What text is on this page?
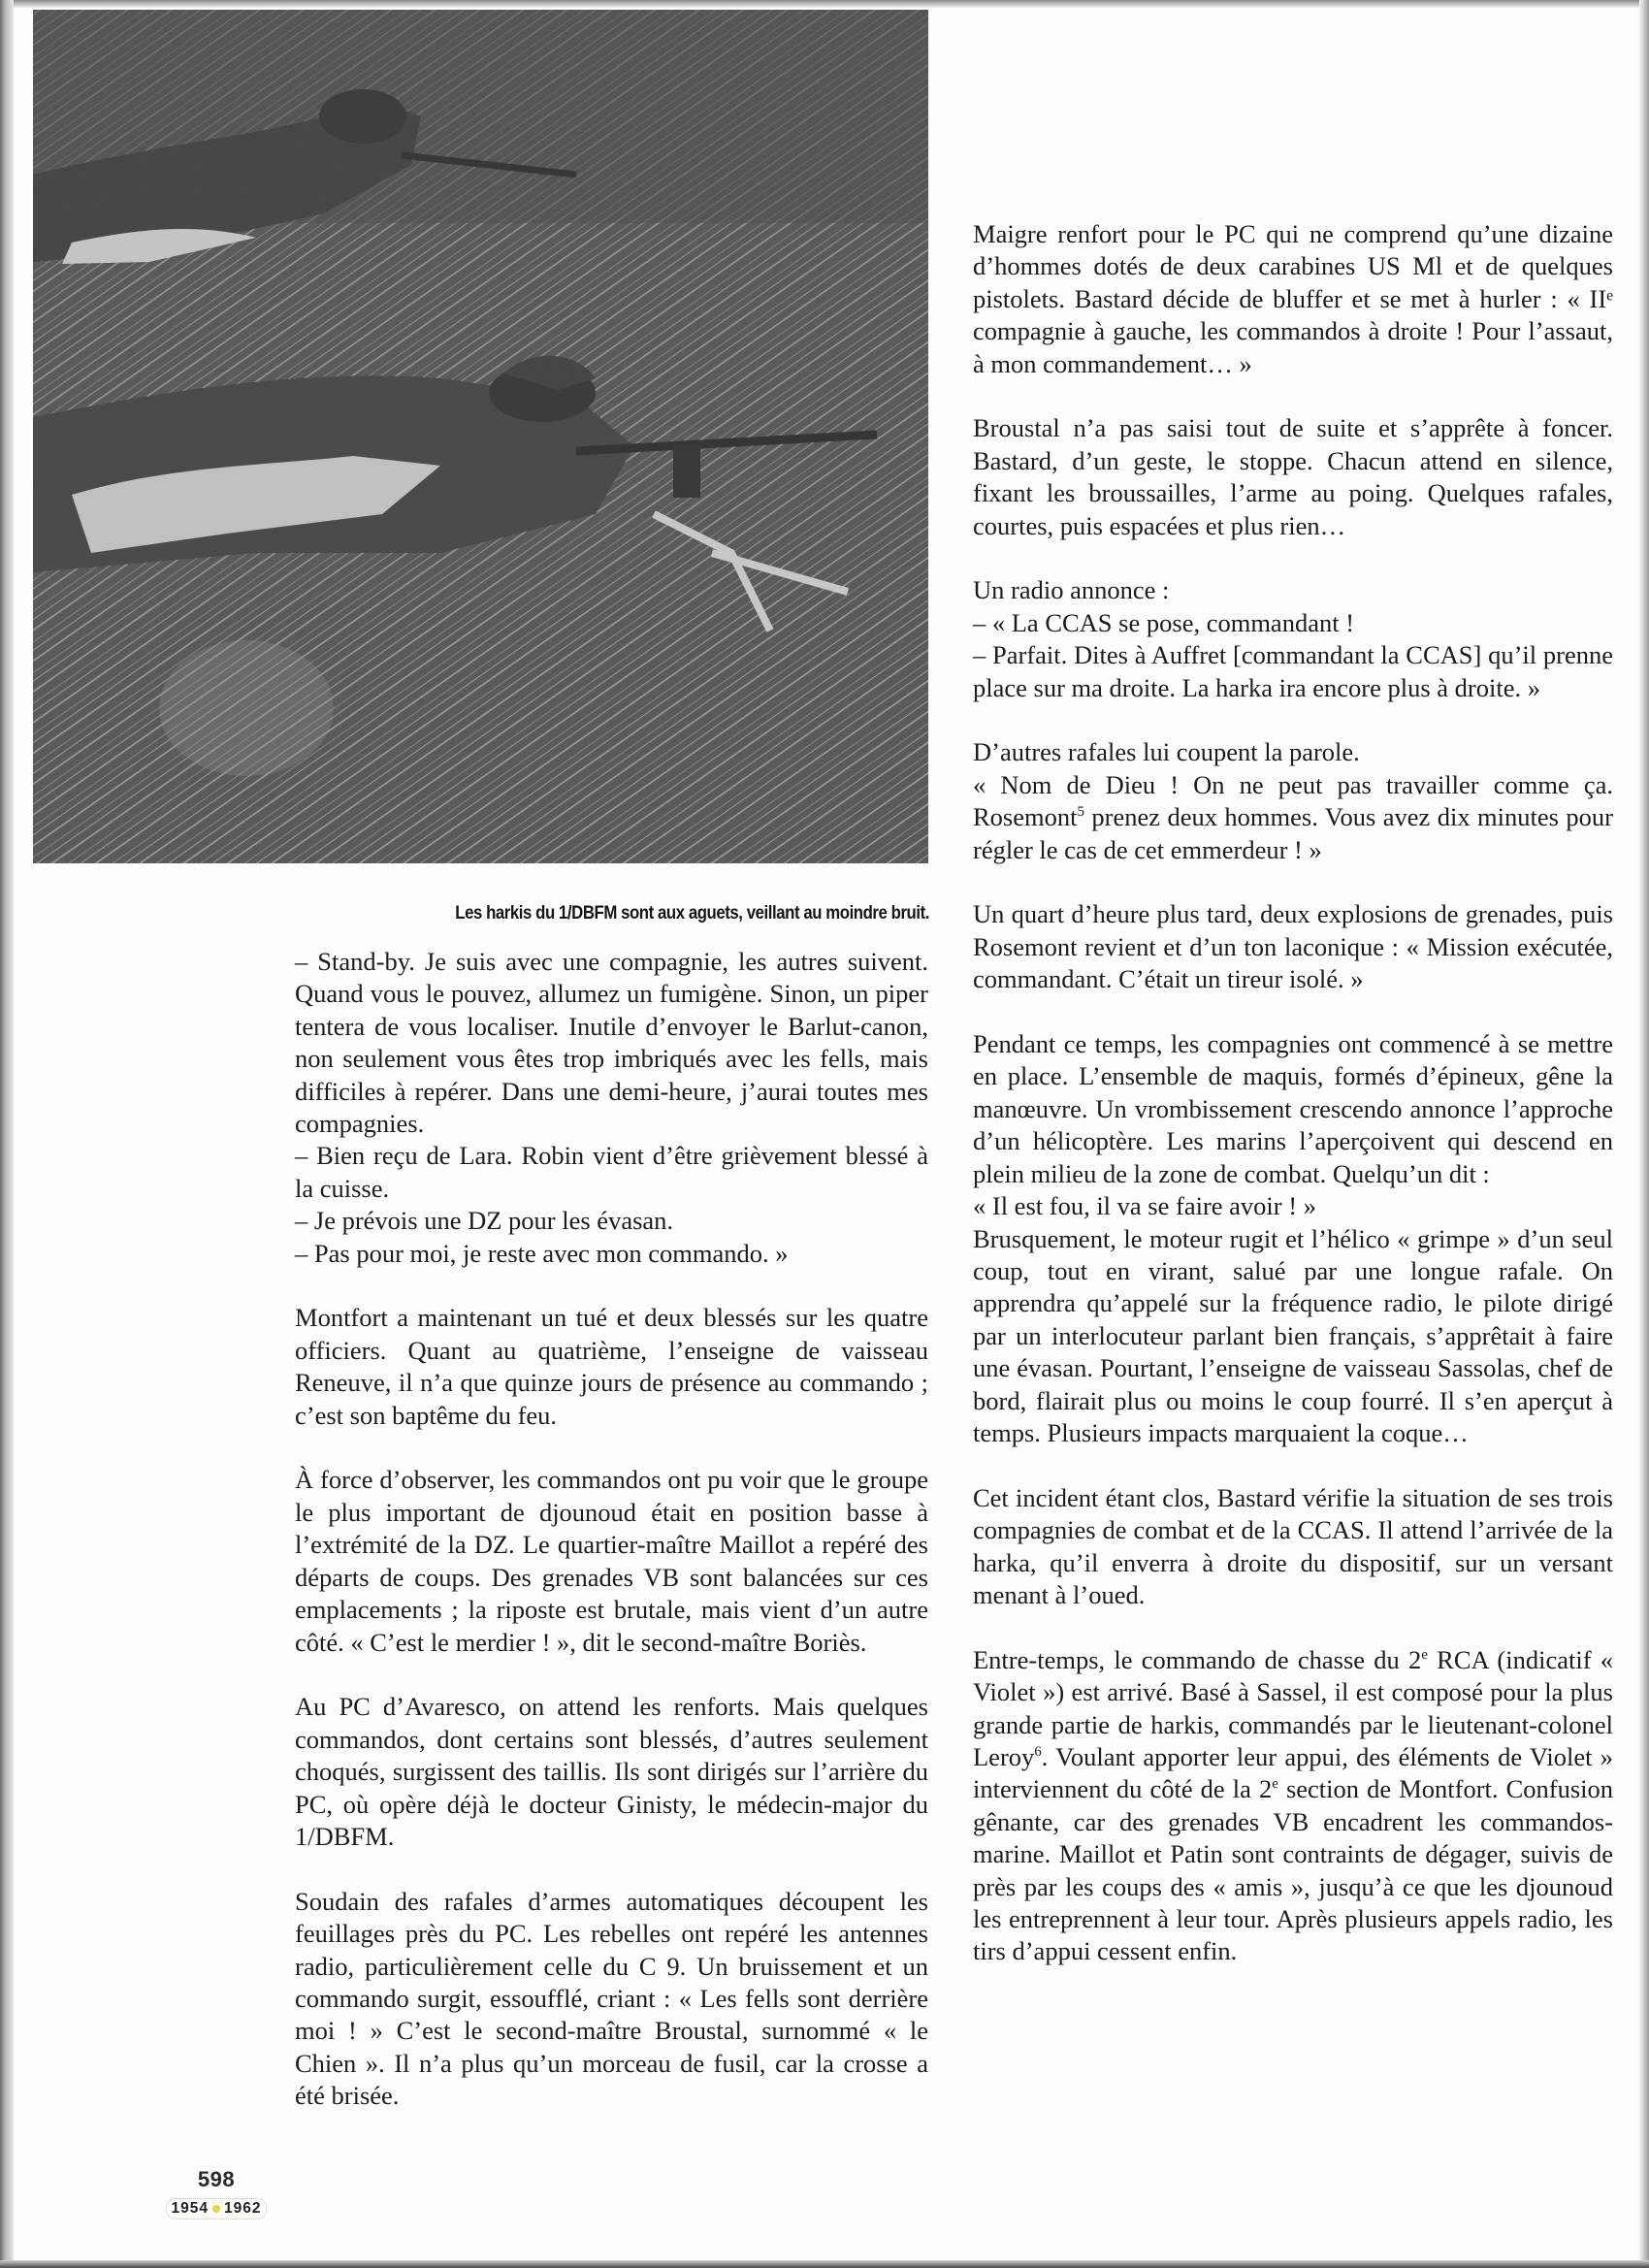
Les harkis du 1/DBFM sont aux aguets, veillant au moindre bruit.
– Stand-by. Je suis avec une compagnie, les autres suivent. Quand vous le pouvez, allumez un fumigène. Sinon, un piper tentera de vous localiser. Inutile d’envoyer le Barlut-canon, non seulement vous êtes trop imbriqués avec les fells, mais difficiles à repérer. Dans une demi-heure, j’aurai toutes mes compagnies.
– Bien reçu de Lara. Robin vient d’être grièvement blessé à la cuisse.
– Je prévois une DZ pour les évasan.
– Pas pour moi, je reste avec mon commando. »

Montfort a maintenant un tué et deux blessés sur les quatre officiers. Quant au quatrième, l’enseigne de vaisseau Reneuve, il n’a que quinze jours de présence au commando ; c’est son baptême du feu.

À force d’observer, les commandos ont pu voir que le groupe le plus important de djounoud était en position basse à l’extrémité de la DZ. Le quartier-maître Maillot a repéré des départs de coups. Des grenades VB sont balancées sur ces emplacements ; la riposte est brutale, mais vient d’un autre côté. « C’est le merdier ! », dit le second-maître Boriès.

Au PC d’Avaresco, on attend les renforts. Mais quelques commandos, dont certains sont blessés, d’autres seulement choqués, surgissent des taillis. Ils sont dirigés sur l’arrière du PC, où opère déjà le docteur Ginisty, le médecin-major du 1/DBFM.

Soudain des rafales d’armes automatiques découpent les feuillages près du PC. Les rebelles ont repéré les antennes radio, particulièrement celle du C 9. Un bruissement et un commando surgit, essoufflé, criant : « Les fells sont derrière moi ! » C’est le second-maître Broustal, surnommé « le Chien ». Il n’a plus qu’un morceau de fusil, car la crosse a été brisée.

Maigre renfort pour le PC qui ne comprend qu’une dizaine d’hommes dotés de deux carabines US Ml et de quelques pistolets. Bastard décide de bluffer et se met à hurler : « IIᵉ compagnie à gauche, les commandos à droite ! Pour l’assaut, à mon commandement… »

Broustal n’a pas saisi tout de suite et s’apprête à foncer. Bastard, d’un geste, le stoppe. Chacun attend en silence, fixant les broussailles, l’arme au poing. Quelques rafales, courtes, puis espacées et plus rien…

Un radio annonce :
– « La CCAS se pose, commandant !
– Parfait. Dites à Auffret [commandant la CCAS] qu’il prenne place sur ma droite. La harka ira encore plus à droite. »
D’autres rafales lui coupent la parole.
« Nom de Dieu ! On ne peut pas travailler comme ça. Rosemont$^5$ prenez deux hommes. Vous avez dix minutes pour régler le cas de cet emmerdeur ! »

Un quart d’heure plus tard, deux explosions de grenades, puis Rosemont revient et d’un ton laconique : « Mission exécutée, commandant. C’était un tireur isolé. »

Pendant ce temps, les compagnies ont commencé à se mettre en place. L’ensemble de maquis, formés d’épineux, gêne la manœuvre. Un vrombissement crescendo annonce l’approche d’un hélicoptère. Les marins l’aperçoivent qui descend en plein milieu de la zone de combat. Quelqu’un dit :
« Il est fou, il va se faire avoir ! »
Brusquement, le moteur rugit et l’hélico « grimpe » d’un seul coup, tout en virant, salué par une longue rafale. On apprendra qu’appelé sur la fréquence radio, le pilote dirigé par un interlocuteur parlant bien français, s’apprêtait à faire une évasan. Pourtant, l’enseigne de vaisseau Sassolas, chef de bord, flairait plus ou moins le coup fourré. Il s’en aperçut à temps. Plusieurs impacts marquaient la coque…

Cet incident étant clos, Bastard vérifie la situation de ses trois compagnies de combat et de la CCAS. Il attend l’arrivée de la harka, qu’il enverra à droite du dispositif, sur un versant menant à l’oued.

Entre-temps, le commando de chasse du 2e RCA (indicatif « Violet ») est arrivé. Basé à Sassel, il est composé pour la plus grande partie de harkis, commandés par le lieutenant-colonel Leroy$^6$. Voulant apporter leur appui, des éléments de Violet » interviennent du côté de la 2e section de Montfort. Confusion gênante, car des grenades VB encadrent les commandos-marine. Maillot et Patin sont contraints de dégager, suivis de près par les coups des « amis », jusqu’à ce que les djounoud les entreprennent à leur tour. Après plusieurs appels radio, les tirs d’appui cessent enfin.

598
1954 1962
